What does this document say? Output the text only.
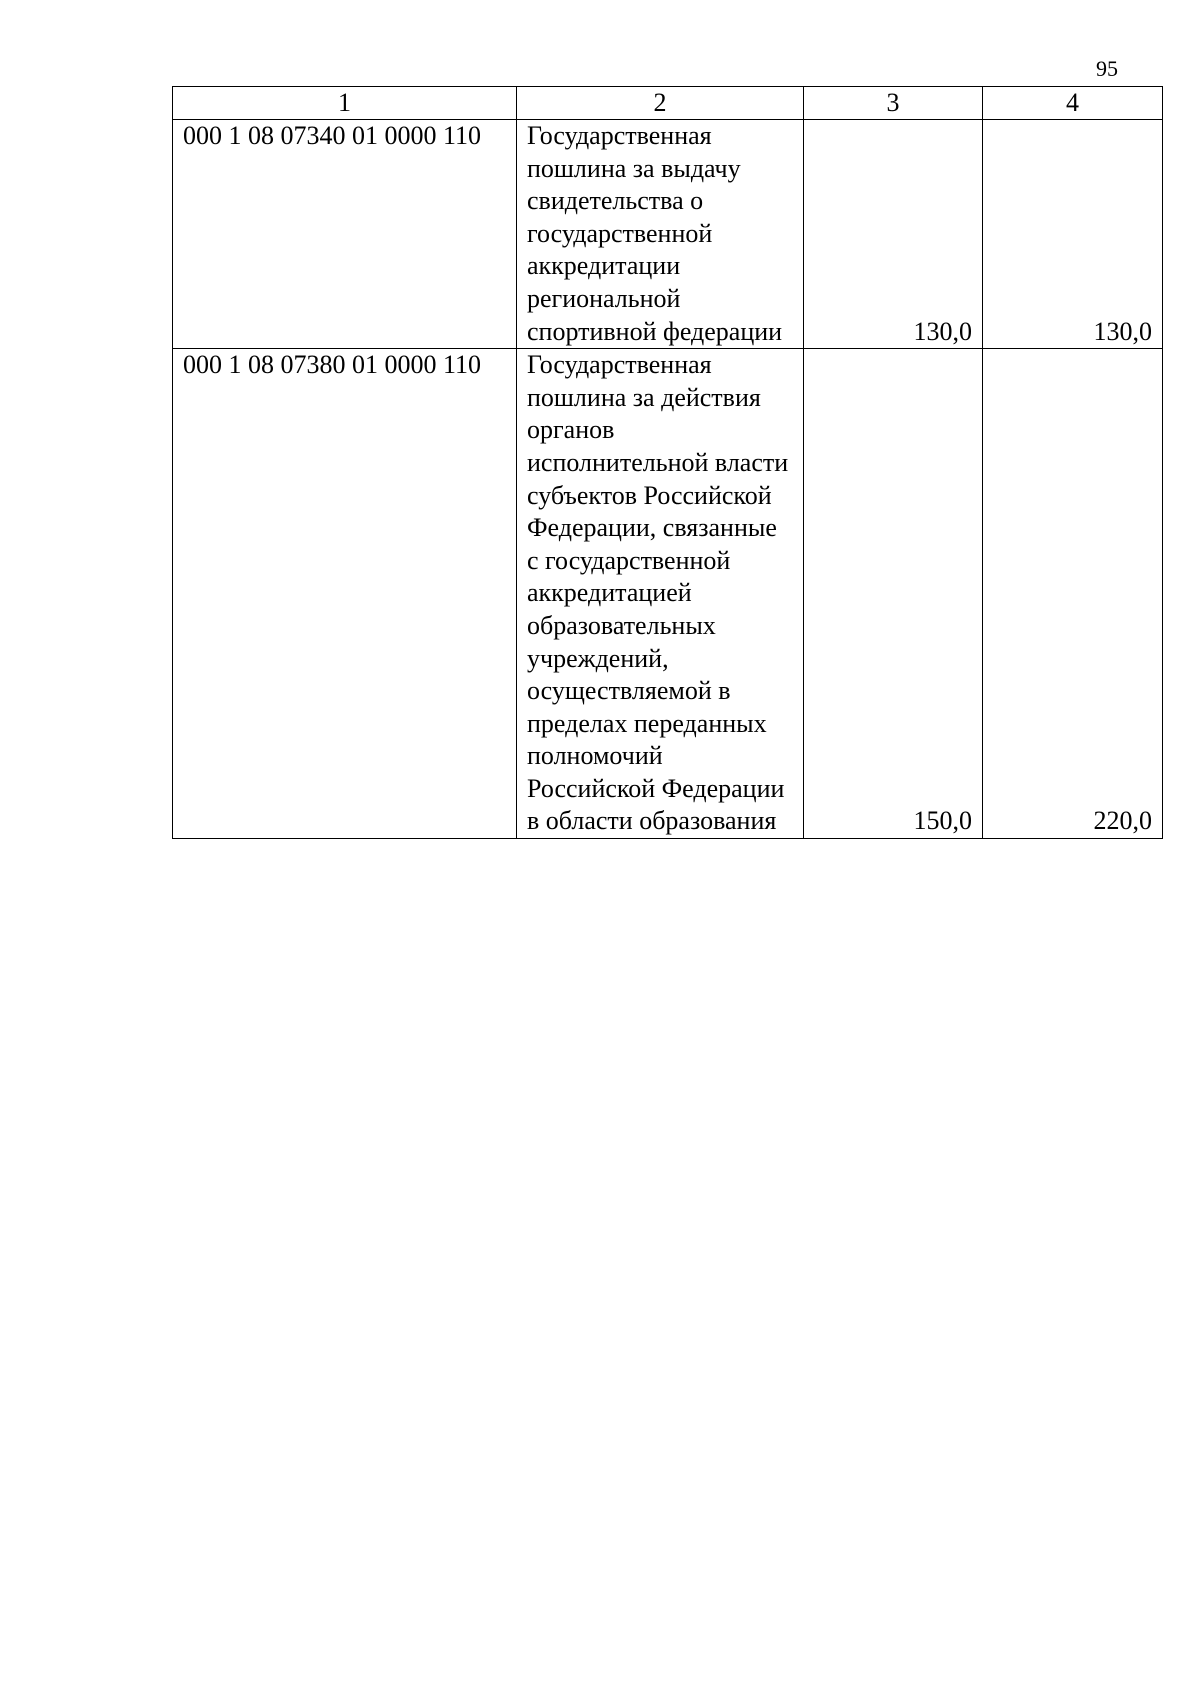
95
1	2	3	4
000 1 08 07340 01 0000 110	Государственная пошлина за выдачу свидетельства о государственной аккредитации региональной спортивной федерации	130,0	130,0
000 1 08 07380 01 0000 110	Государственная пошлина за действия органов исполнительной власти субъектов Российской Федерации, связанные с государственной аккредитацией образовательных учреждений, осуществляемой в пределах переданных полномочий Российской Федерации в области образования	150,0	220,0
